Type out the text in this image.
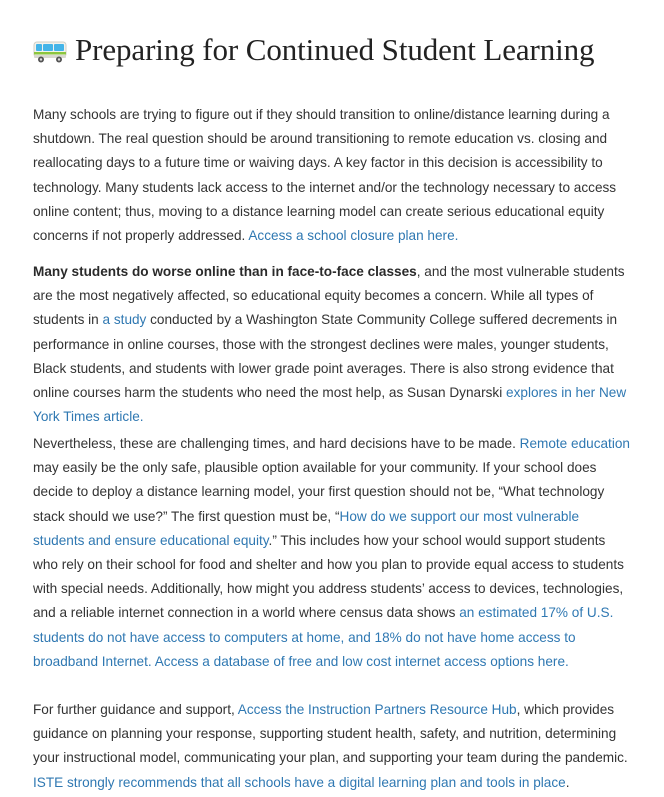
Preparing for Continued Student Learning

Many schools are trying to figure out if they should transition to online/distance learning during a shutdown. The real question should be around transitioning to remote education vs. closing and reallocating days to a future time or waiving days. A key factor in this decision is accessibility to technology. Many students lack access to the internet and/or the technology necessary to access online content; thus, moving to a distance learning model can create serious educational equity concerns if not properly addressed. Access a school closure plan here.

Many students do worse online than in face-to-face classes, and the most vulnerable students are the most negatively affected, so educational equity becomes a concern. While all types of students in a study conducted by a Washington State Community College suffered decrements in performance in online courses, those with the strongest declines were males, younger students, Black students, and students with lower grade point averages. There is also strong evidence that online courses harm the students who need the most help, as Susan Dynarski explores in her New York Times article.

Nevertheless, these are challenging times, and hard decisions have to be made. Remote education may easily be the only safe, plausible option available for your community. If your school does decide to deploy a distance learning model, your first question should not be, “What technology stack should we use?” The first question must be, “How do we support our most vulnerable students and ensure educational equity.” This includes how your school would support students who rely on their school for food and shelter and how you plan to provide equal access to students with special needs. Additionally, how might you address students’ access to devices, technologies, and a reliable internet connection in a world where census data shows an estimated 17% of U.S. students do not have access to computers at home, and 18% do not have home access to broadband Internet. Access a database of free and low cost internet access options here.

For further guidance and support, Access the Instruction Partners Resource Hub, which provides guidance on planning your response, supporting student health, safety, and nutrition, determining your instructional model, communicating your plan, and supporting your team during the pandemic.
ISTE strongly recommends that all schools have a digital learning plan and tools in place.
